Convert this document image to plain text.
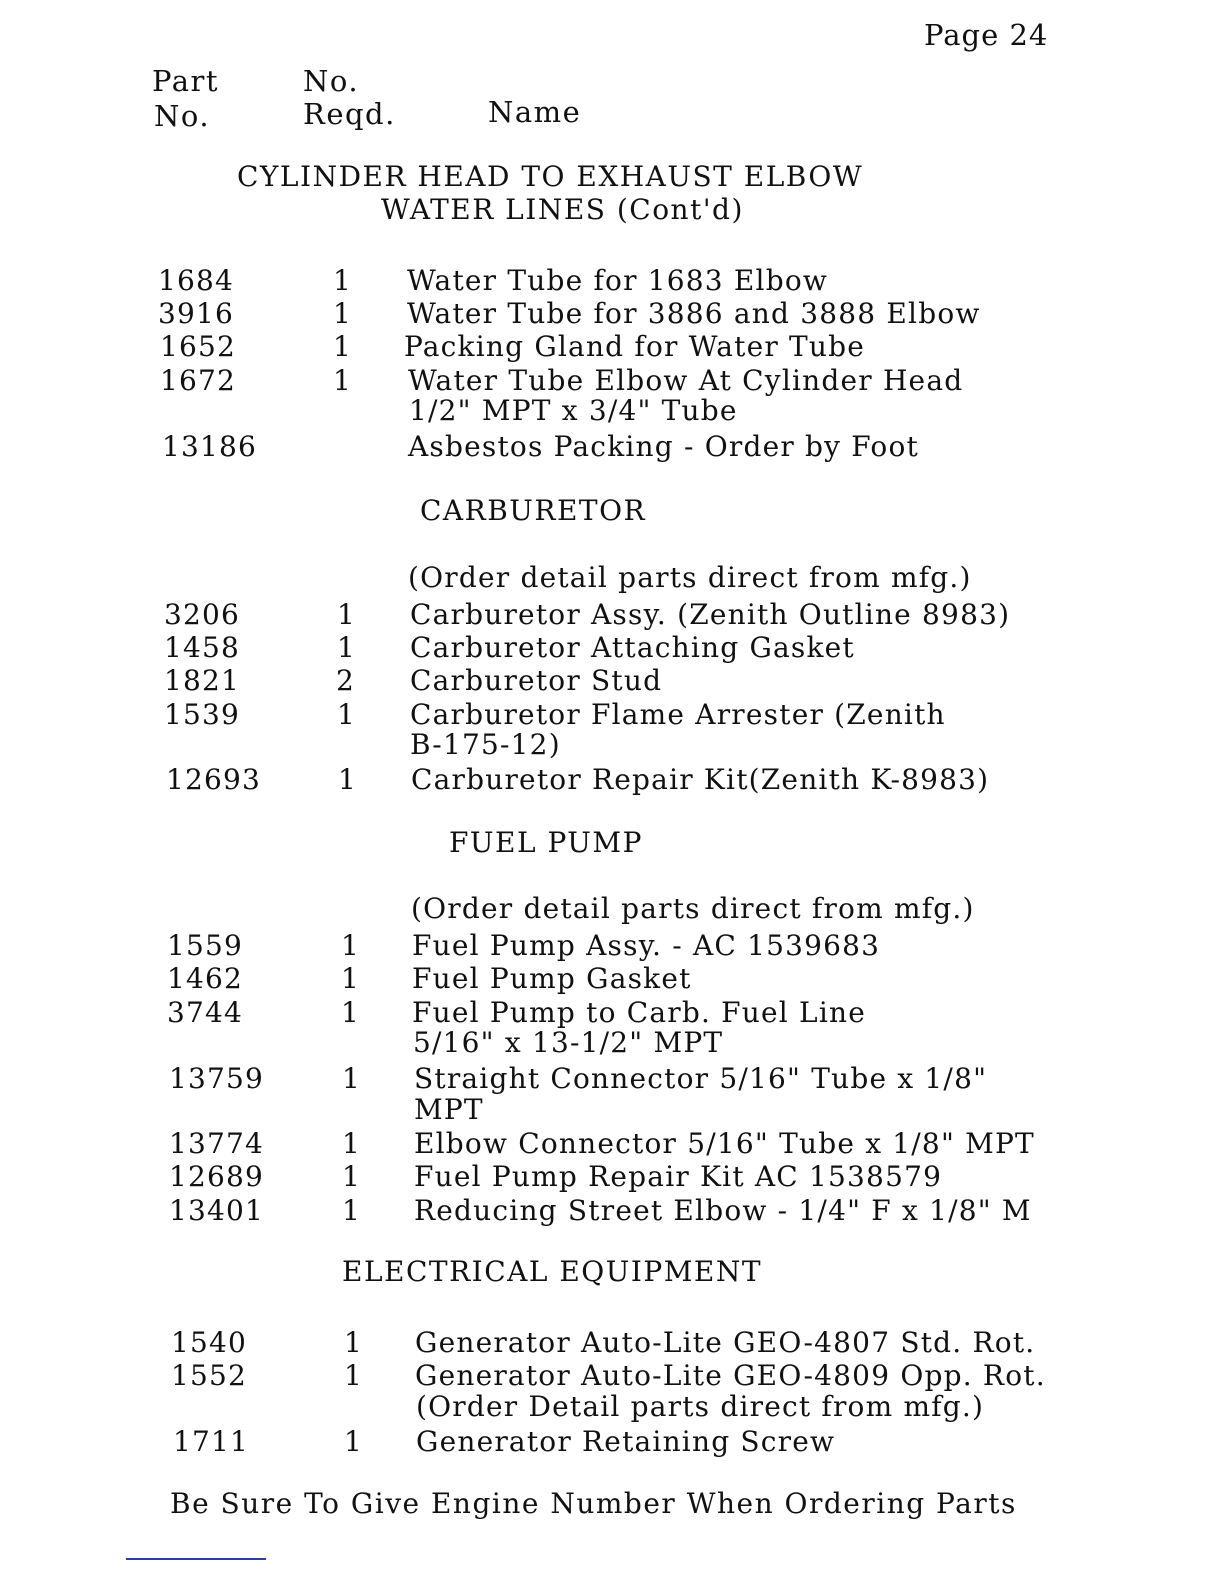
Page 24
Part
No.
No.
Reqd.	Name
CYLINDER HEAD TO EXHAUST ELBOW
WATER LINES (Cont'd)
1684	1 Water Tube for 1683 Elbow
3916	1 Water Tube for 3886 and 3888 Elbow
1652	1 Packing Gland for Water Tube
1672	1 Water Tube Elbow At Cylinder Head
1/2" MPT x 3/4" Tube
13186	Asbestos Packing - Order by Foot
CARBURETOR
(Order detail parts direct from mfg.)
3206	1 Carburetor Assy. (Zenith Outline 8983)
1458	1 Carburetor Attaching Gasket
1821	2 Carburetor Stud
1539	1 Carburetor Flame Arrester (Zenith
B-175-12)
12693	1 Carburetor Repair Kit(Zenith K-8983)
FUEL PUMP
(Order detail parts direct from mfg.)
1559	1 Fuel Pump Assy. - AC 1539683
1462	1 Fuel Pump Gasket
3744	1 Fuel Pump to Carb. Fuel Line
5/16" x 13-1/2" MPT
13759	1 Straight Connector 5/16" Tube x 1/8"
MPT
13774	1 Elbow Connector 5/16" Tube x 1/8" MPT
12689	1 Fuel Pump Repair Kit AC 1538579
13401	1 Reducing Street Elbow - 1/4" F x 1/8" M
ELECTRICAL EQUIPMENT
1540	1 Generator Auto-Lite GEO-4807 Std. Rot.
1552	1 Generator Auto-Lite GEO-4809 Opp. Rot.
(Order Detail parts direct from mfg.)
1711	1 Generator Retaining Screw
Be Sure To Give Engine Number When Ordering Parts
